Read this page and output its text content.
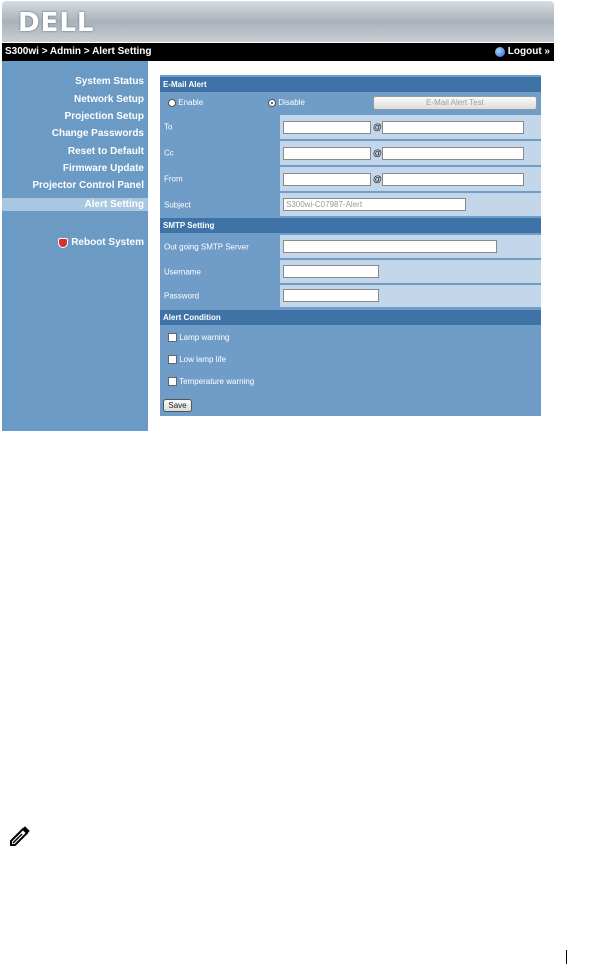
DELL
S300wi > Admin > Alert Setting	Logout »
System Status
Network Setup
Projection Setup
Change Passwords
Reset to Default
Firmware Update
Projector Control Panel
Alert Setting
Reboot System
E-Mail Alert
Enable	Disable	E-Mail Alert Test
To	@
Cc	@
From	@
Subject	S300wi-C07987-Alert
SMTP Setting
Out going SMTP Server
Username
Password
Alert Condition
Lamp warning
Low lamp life
Temperature warning
Save
